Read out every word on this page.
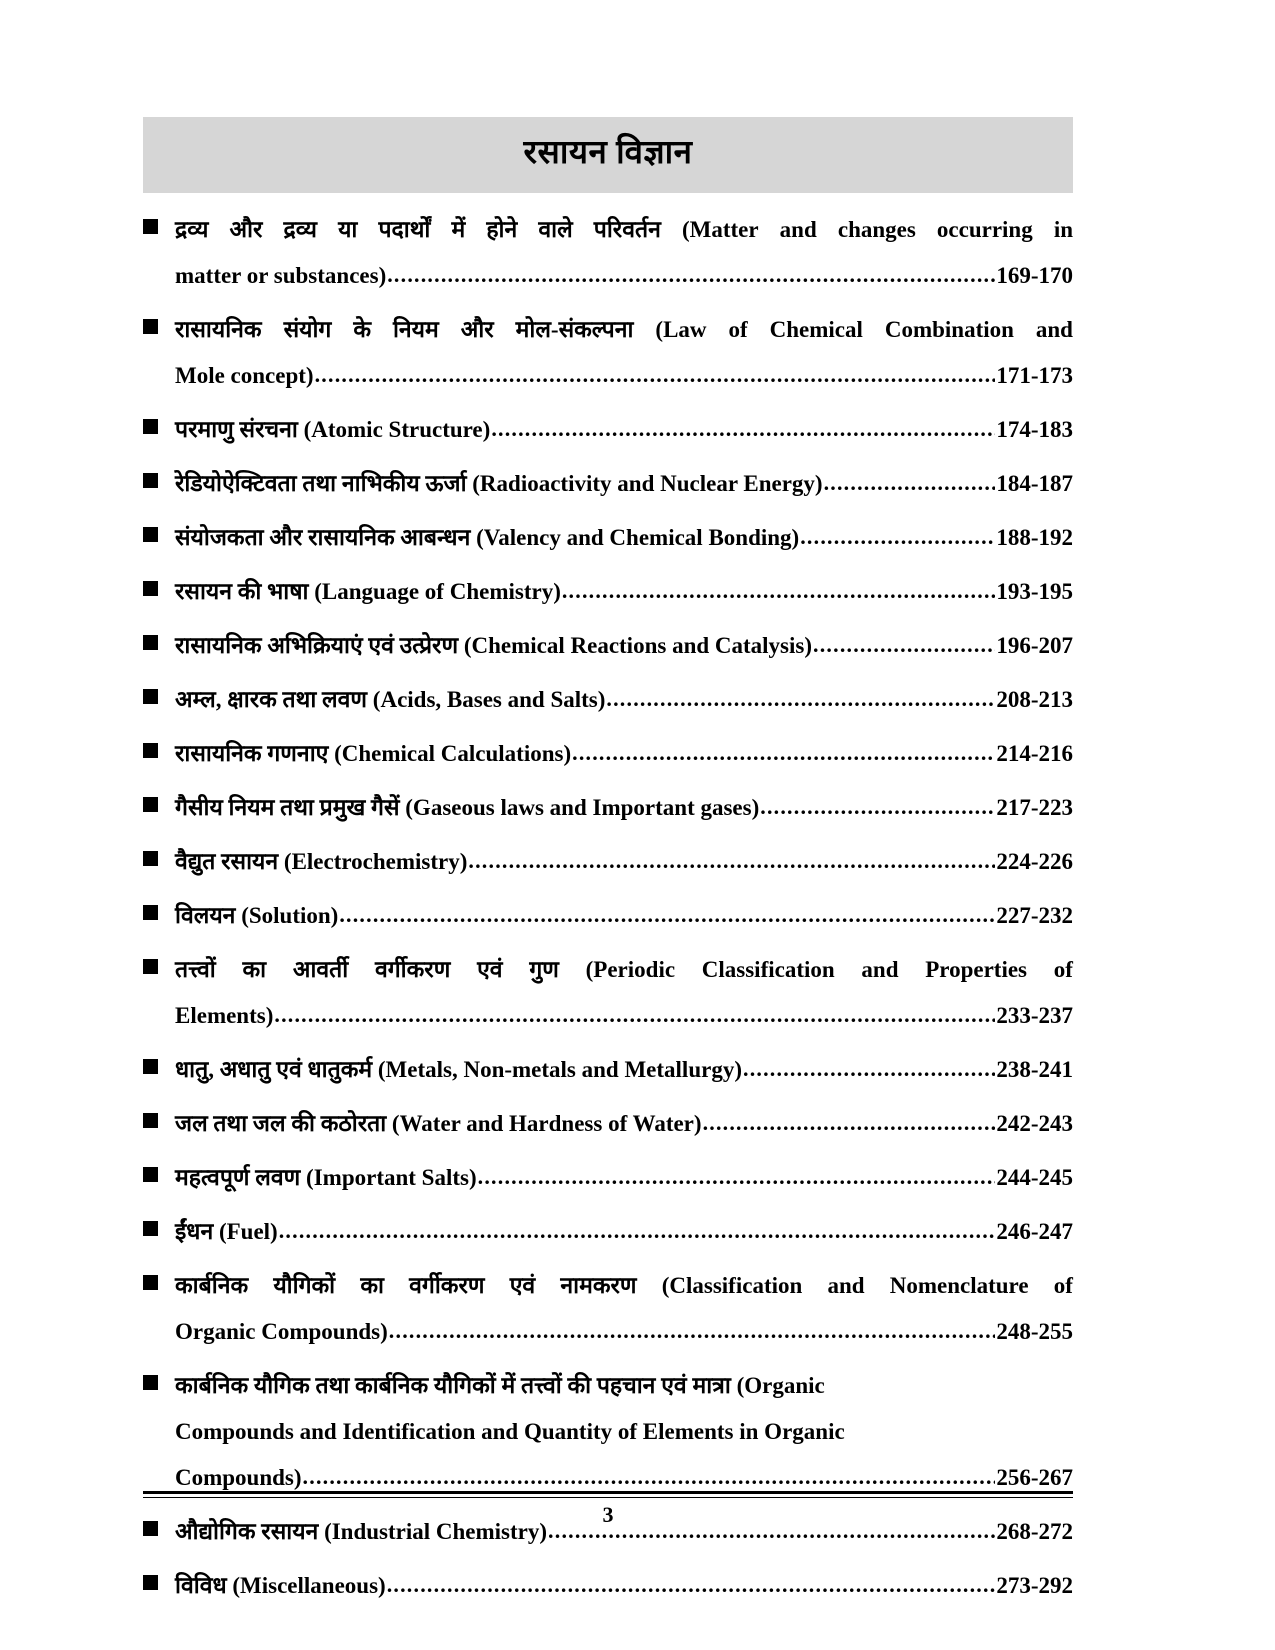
रसायन विज्ञान
द्रव्य और द्रव्य या पदार्थों में होने वाले परिवर्तन (Matter and changes occurring in
matter or substances) .....	169-170
रासायनिक संयोग के नियम और मोल-संकल्पना (Law of Chemical Combination and
Mole concept) .....	171-173
परमाणु संरचना (Atomic Structure) .....	174-183
रेडियोऐक्टिवता तथा नाभिकीय ऊर्जा (Radioactivity and Nuclear Energy) .....	184-187
संयोजकता और रासायनिक आबन्धन (Valency and Chemical Bonding) .....	188-192
रसायन की भाषा (Language of Chemistry) .....	193-195
रासायनिक अभिक्रियाएं एवं उत्प्रेरण (Chemical Reactions and Catalysis) .....	196-207
अम्ल, क्षारक तथा लवण (Acids, Bases and Salts) .....	208-213
रासायनिक गणनाए (Chemical Calculations) .....	214-216
गैसीय नियम तथा प्रमुख गैसें (Gaseous laws and Important gases) .....	217-223
वैद्युत रसायन (Electrochemistry) .....	224-226
विलयन (Solution) .....	227-232
तत्त्वों का आवर्ती वर्गीकरण एवं गुण (Periodic Classification and Properties of
Elements) .....	233-237
धातु, अधातु एवं धातुकर्म (Metals, Non-metals and Metallurgy) .....	238-241
जल तथा जल की कठोरता (Water and Hardness of Water) .....	242-243
महत्वपूर्ण लवण (Important Salts) .....	244-245
ईंधन (Fuel) .....	246-247
कार्बनिक यौगिकों का वर्गीकरण एवं नामकरण (Classification and Nomenclature of
Organic Compounds) .....	248-255
कार्बनिक यौगिक तथा कार्बनिक यौगिकों में तत्त्वों की पहचान एवं मात्रा (Organic
Compounds and Identification and Quantity of Elements in Organic
Compounds) .....	256-267
औद्योगिक रसायन (Industrial Chemistry) .....	268-272
विविध (Miscellaneous) .....	273-292
3
